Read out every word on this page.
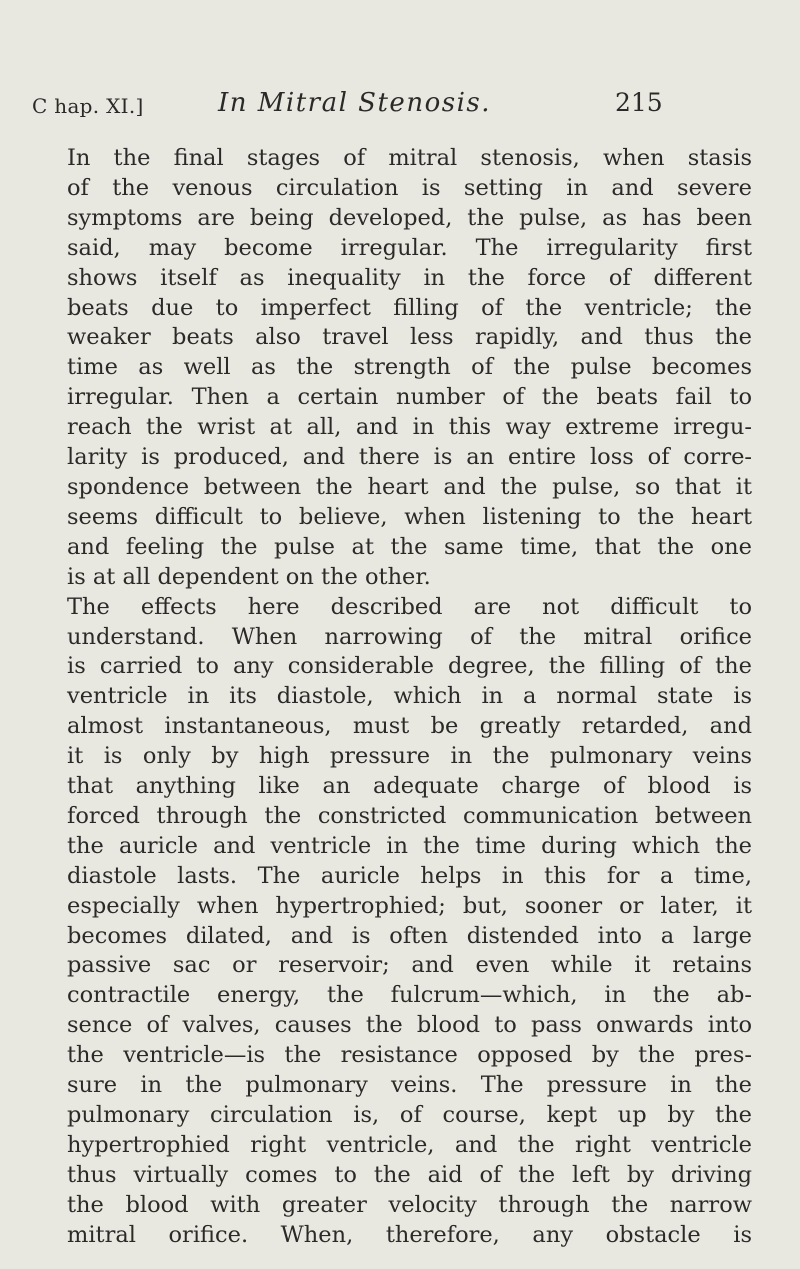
C hap. XI.]	In Mitral Stenosis.	215

In the final stages of mitral stenosis, when stasis
of the venous circulation is setting in and severe
symptoms are being developed, the pulse, as has been
said, may become irregular. The irregularity first
shows itself as inequality in the force of different
beats due to imperfect filling of the ventricle; the
weaker beats also travel less rapidly, and thus the
time as well as the strength of the pulse becomes
irregular. Then a certain number of the beats fail to
reach the wrist at all, and in this way extreme irregu-
larity is produced, and there is an entire loss of corre-
spondence between the heart and the pulse, so that it
seems difficult to believe, when listening to the heart
and feeling the pulse at the same time, that the one
is at all dependent on the other.

The effects here described are not difficult to
understand. When narrowing of the mitral orifice
is carried to any considerable degree, the filling of the
ventricle in its diastole, which in a normal state is
almost instantaneous, must be greatly retarded, and
it is only by high pressure in the pulmonary veins
that anything like an adequate charge of blood is
forced through the constricted communication between
the auricle and ventricle in the time during which the
diastole lasts. The auricle helps in this for a time,
especially when hypertrophied; but, sooner or later, it
becomes dilated, and is often distended into a large
passive sac or reservoir; and even while it retains
contractile energy, the fulcrum—which, in the ab-
sence of valves, causes the blood to pass onwards into
the ventricle—is the resistance opposed by the pres-
sure in the pulmonary veins. The pressure in the
pulmonary circulation is, of course, kept up by the
hypertrophied right ventricle, and the right ventricle
thus virtually comes to the aid of the left by driving
the blood with greater velocity through the narrow
mitral orifice. When, therefore, any obstacle is
